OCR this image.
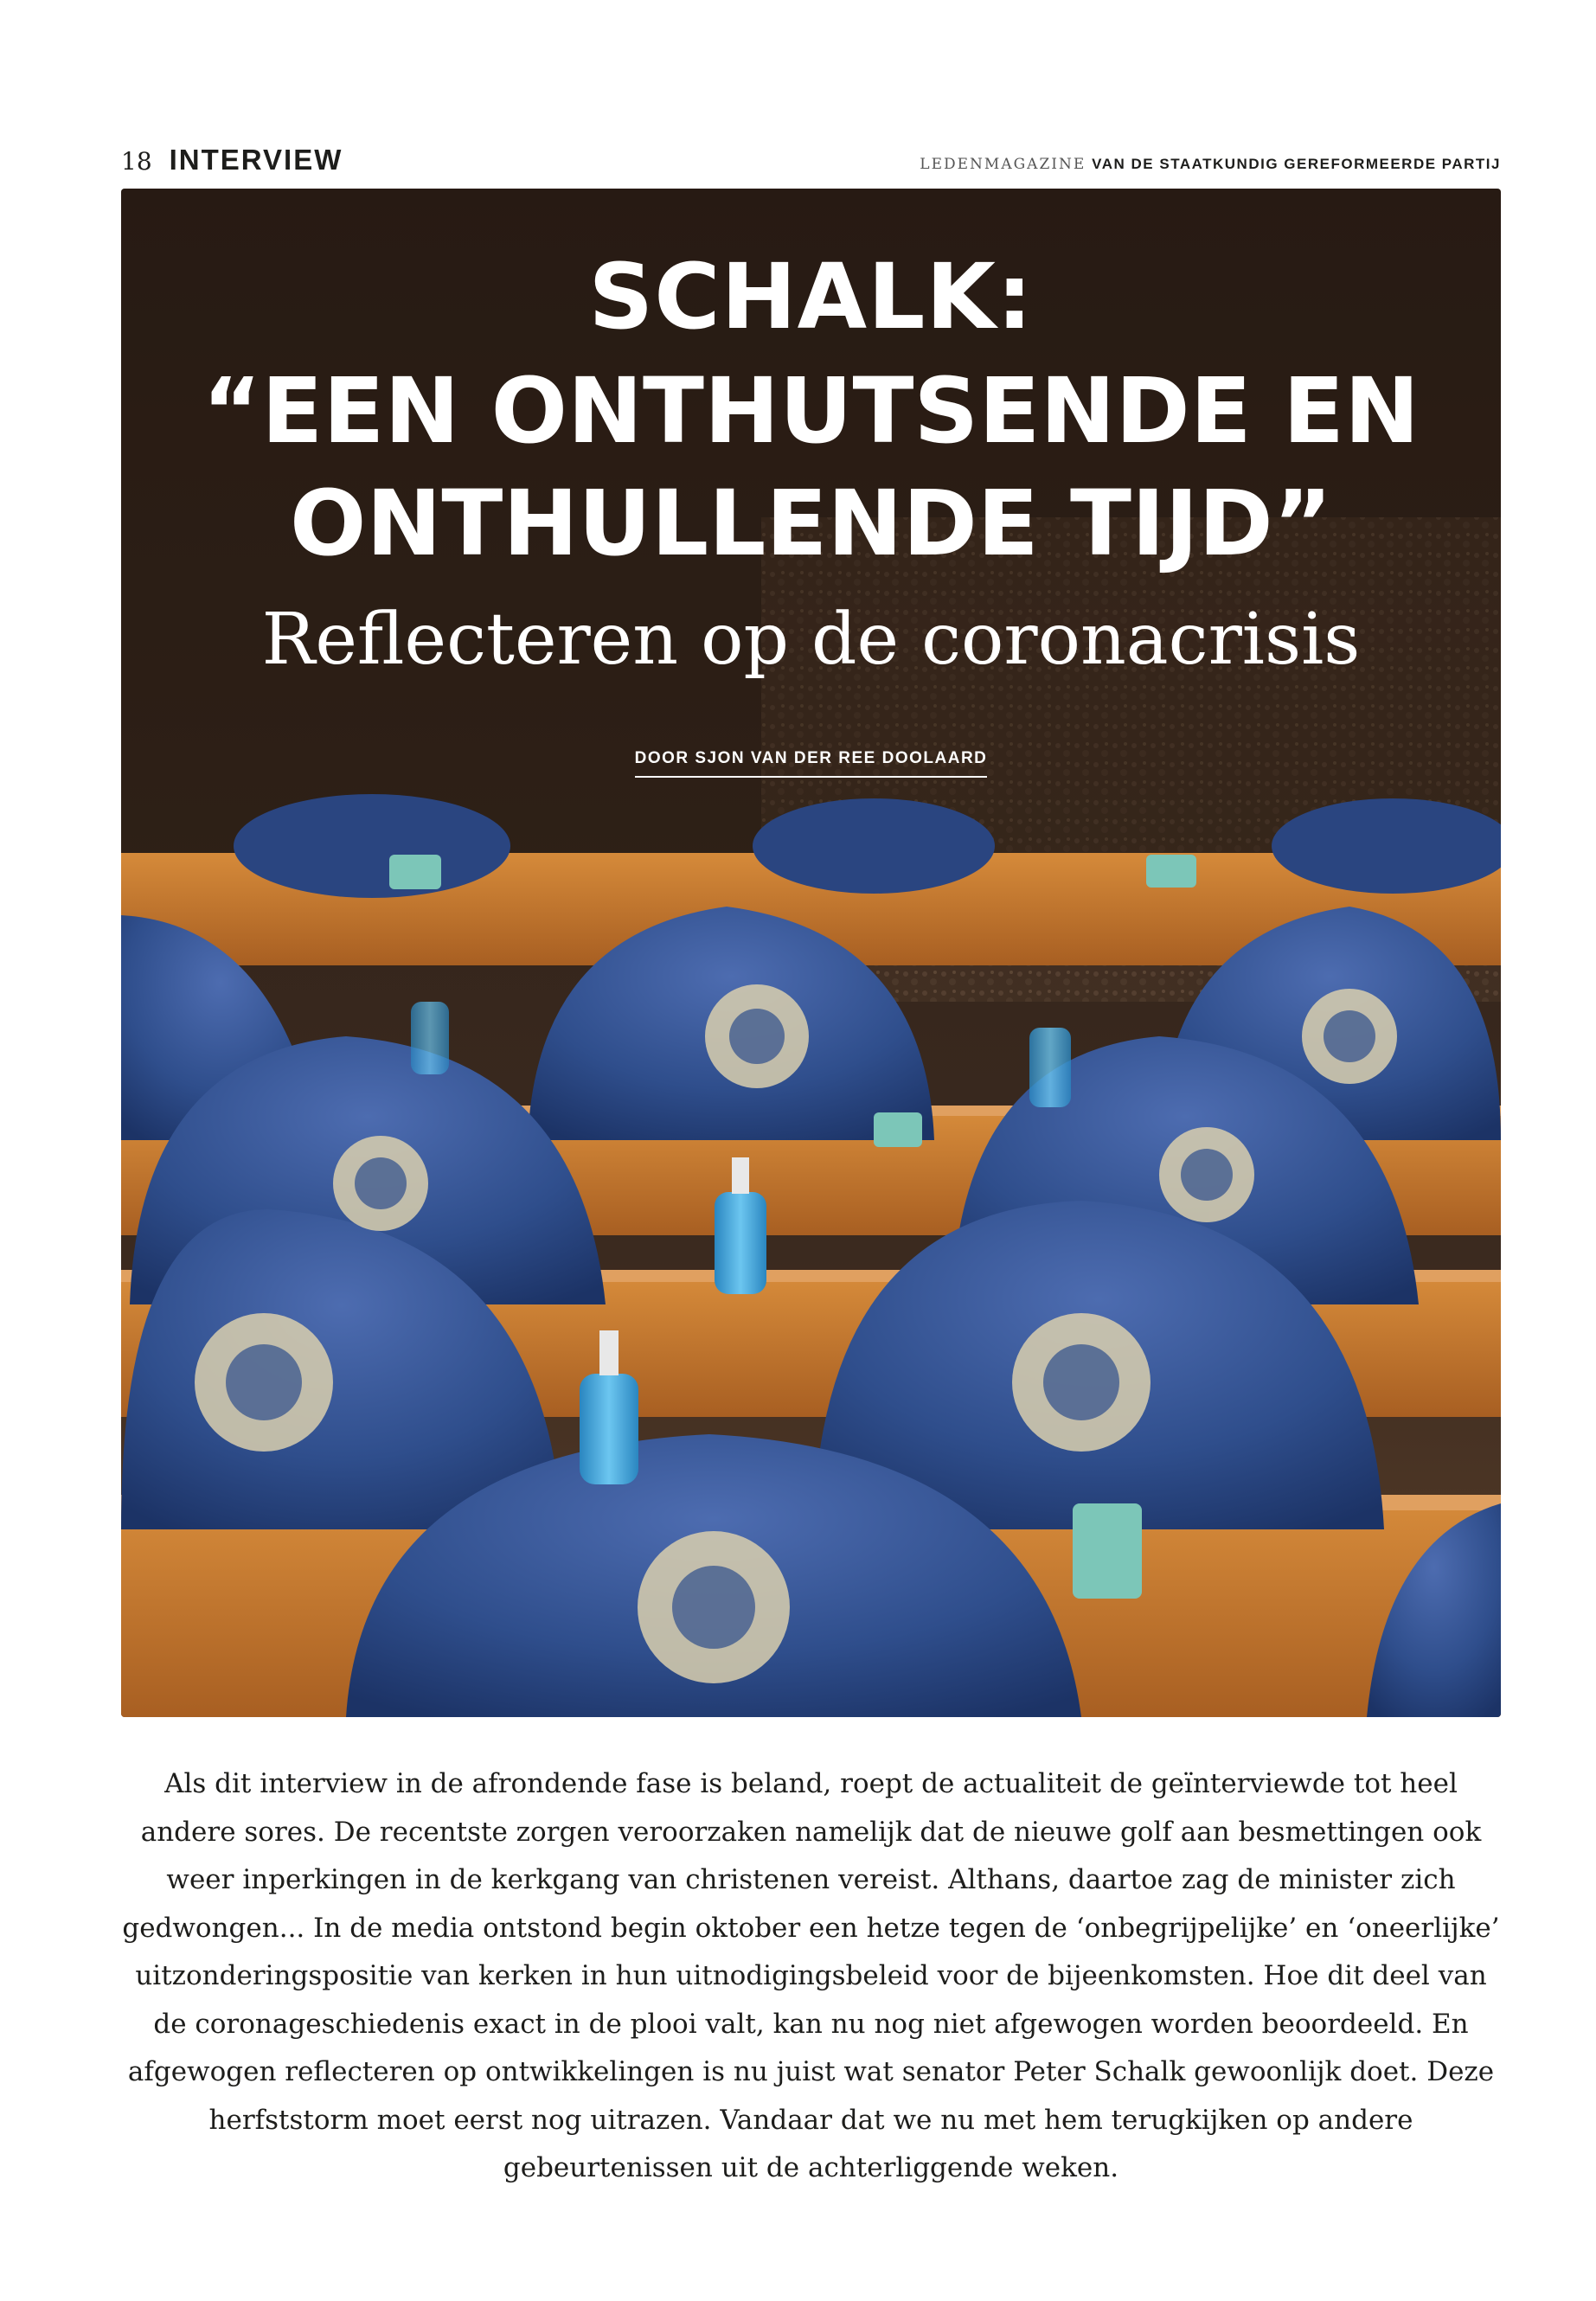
18 INTERVIEW	LEDENMAGAZINE VAN DE STAATKUNDIG GEREFORMEERDE PARTIJ
SCHALK:
“EEN ONTHUTSENDE EN
ONTHULLENDE TIJD”
Reflecteren op de coronacrisis
DOOR SJON VAN DER REE DOOLAARD
Als dit interview in de afrondende fase is beland, roept de actualiteit de geïnterviewde tot heel andere sores. De recentste zorgen veroorzaken namelijk dat de nieuwe golf aan besmettingen ook weer inperkingen in de kerkgang van christenen vereist. Althans, daartoe zag de minister zich gedwongen... In de media ontstond begin oktober een hetze tegen de ‘onbegrijpelijke’ en ‘oneerlijke’ uitzonderingspositie van kerken in hun uitnodigingsbeleid voor de bijeenkomsten. Hoe dit deel van de coronageschiedenis exact in de plooi valt, kan nu nog niet afgewogen worden beoordeeld. En afgewogen reflecteren op ontwikkelingen is nu juist wat senator Peter Schalk gewoonlijk doet. Deze herfststorm moet eerst nog uitrazen. Vandaar dat we nu met hem terugkijken op andere gebeurtenissen uit de achterliggende weken.
